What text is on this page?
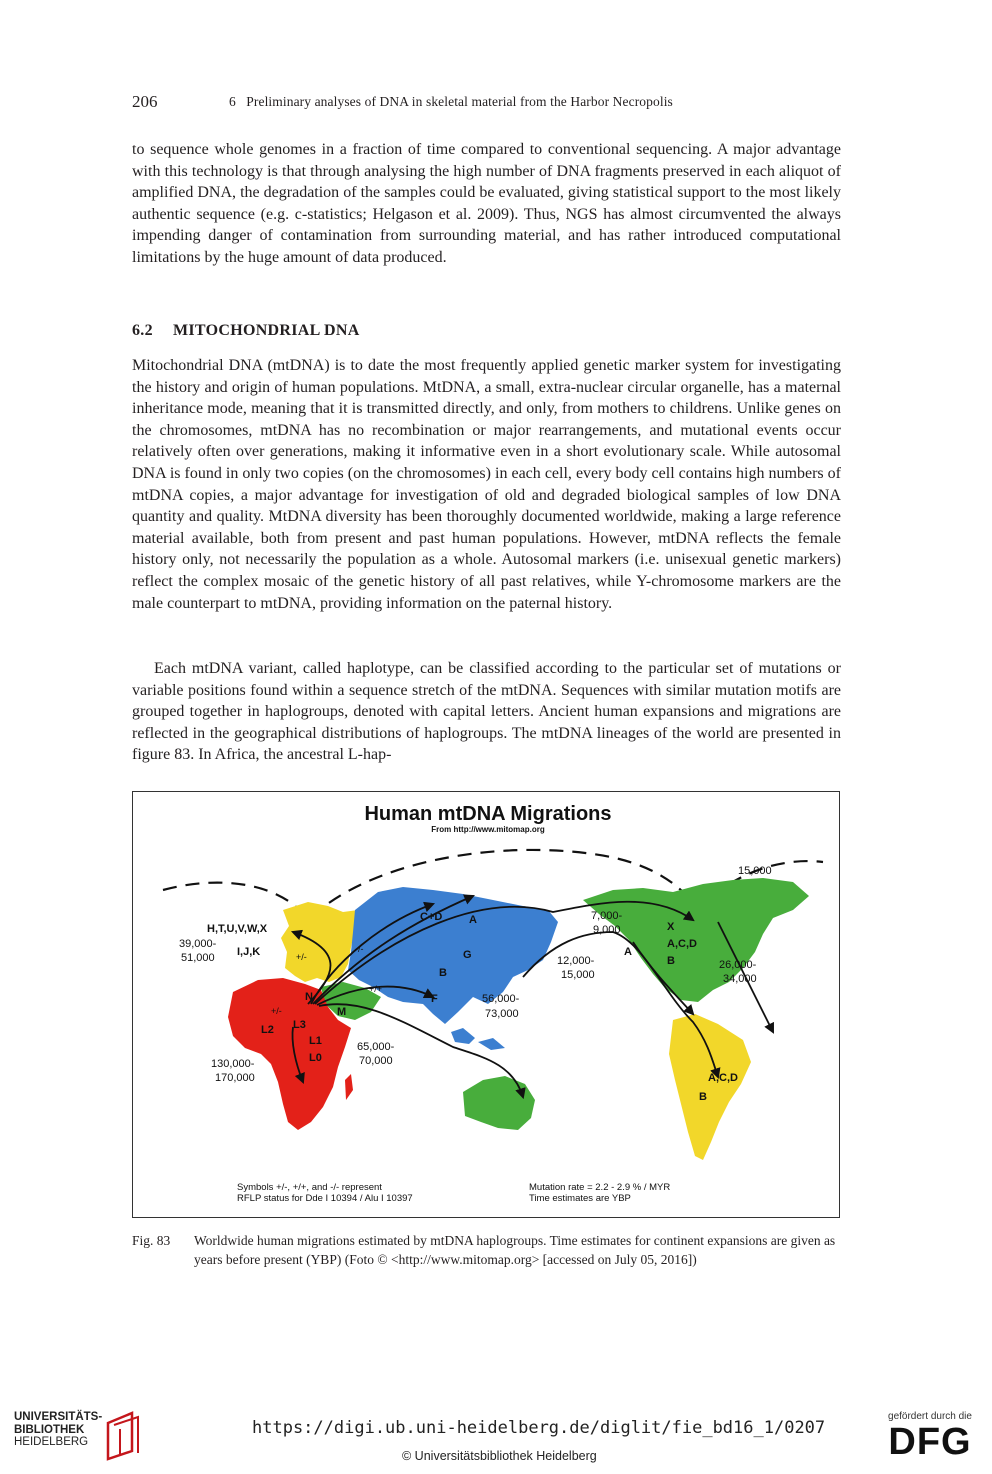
206	6   Preliminary analyses of DNA in skeletal material from the Harbor Necropolis

to sequence whole genomes in a fraction of time compared to conventional sequencing. A major advantage with this technology is that through analysing the high number of DNA fragments preserved in each aliquot of amplified DNA, the degradation of the samples could be evaluated, giving statistical support to the most likely authentic sequence (e.g. c-statistics; Helgason et al. 2009). Thus, NGS has almost circumvented the always impending danger of contamination from surrounding material, and has rather introduced computational limitations by the huge amount of data produced.

6.2 MITOCHONDRIAL DNA

Mitochondrial DNA (mtDNA) is to date the most frequently applied genetic marker system for investigating the history and origin of human populations. MtDNA, a small, extra-nuclear circular organelle, has a maternal inheritance mode, meaning that it is transmitted directly, and only, from mothers to childrens. Unlike genes on the chromosomes, mtDNA has no recombination or major rearrangements, and mutational events occur relatively often over generations, making it informative even in a short evolutionary scale. While autosomal DNA is found in only two copies (on the chromosomes) in each cell, every body cell contains high numbers of mtDNA copies, a major advantage for investigation of old and degraded biological samples of low DNA quantity and quality. MtDNA diversity has been thoroughly documented worldwide, making a large reference material available, both from present and past human populations. However, mtDNA reflects the female history only, not necessarily the population as a whole. Autosomal markers (i.e. unisexual genetic markers) reflect the complex mosaic of the genetic history of all past relatives, while Y-chromosome markers are the male counterpart to mtDNA, providing information on the paternal history.

Each mtDNA variant, called haplotype, can be classified according to the particular set of mutations or variable positions found within a sequence stretch of the mtDNA. Sequences with similar mutation motifs are grouped together in haplogroups, denoted with capital letters. Ancient human expansions and migrations are reflected in the geographical distributions of haplogroups. The mtDNA lineages of the world are presented in figure 83. In Africa, the ancestral L-hap-

Human mtDNA Migrations
From http://www.mitomap.org
15,000
H,T,U,V,W,X
I,J,K
39,000-
51,000
C+D A
+/-
-/-	G
B
+/+
N
M
F
+/-
L2 L3
L1
L0
130,000-
170,000
65,000-
70,000
56,000-
73,000
7,000-
9,000
A
X
A,C,D
B
12,000-
15,000
26,000-
34,000
A,C,D
B
Symbols +/-, +/+, and -/- represent
RFLP status for Dde I 10394 / Alu I 10397
Mutation rate = 2.2 - 2.9 % / MYR
Time estimates are YBP
Fig. 83 Worldwide human migrations estimated by mtDNA haplogroups. Time estimates for continent expansions are given as years before present (YBP) (Foto © <http://www.mitomap.org> [accessed on July 05, 2016])
UNIVERSITÄTS-
BIBLIOTHEK
HEIDELBERG
https://digi.ub.uni-heidelberg.de/diglit/fie_bd16_1/0207
© Universitätsbibliothek Heidelberg
gefördert durch die
DFG
